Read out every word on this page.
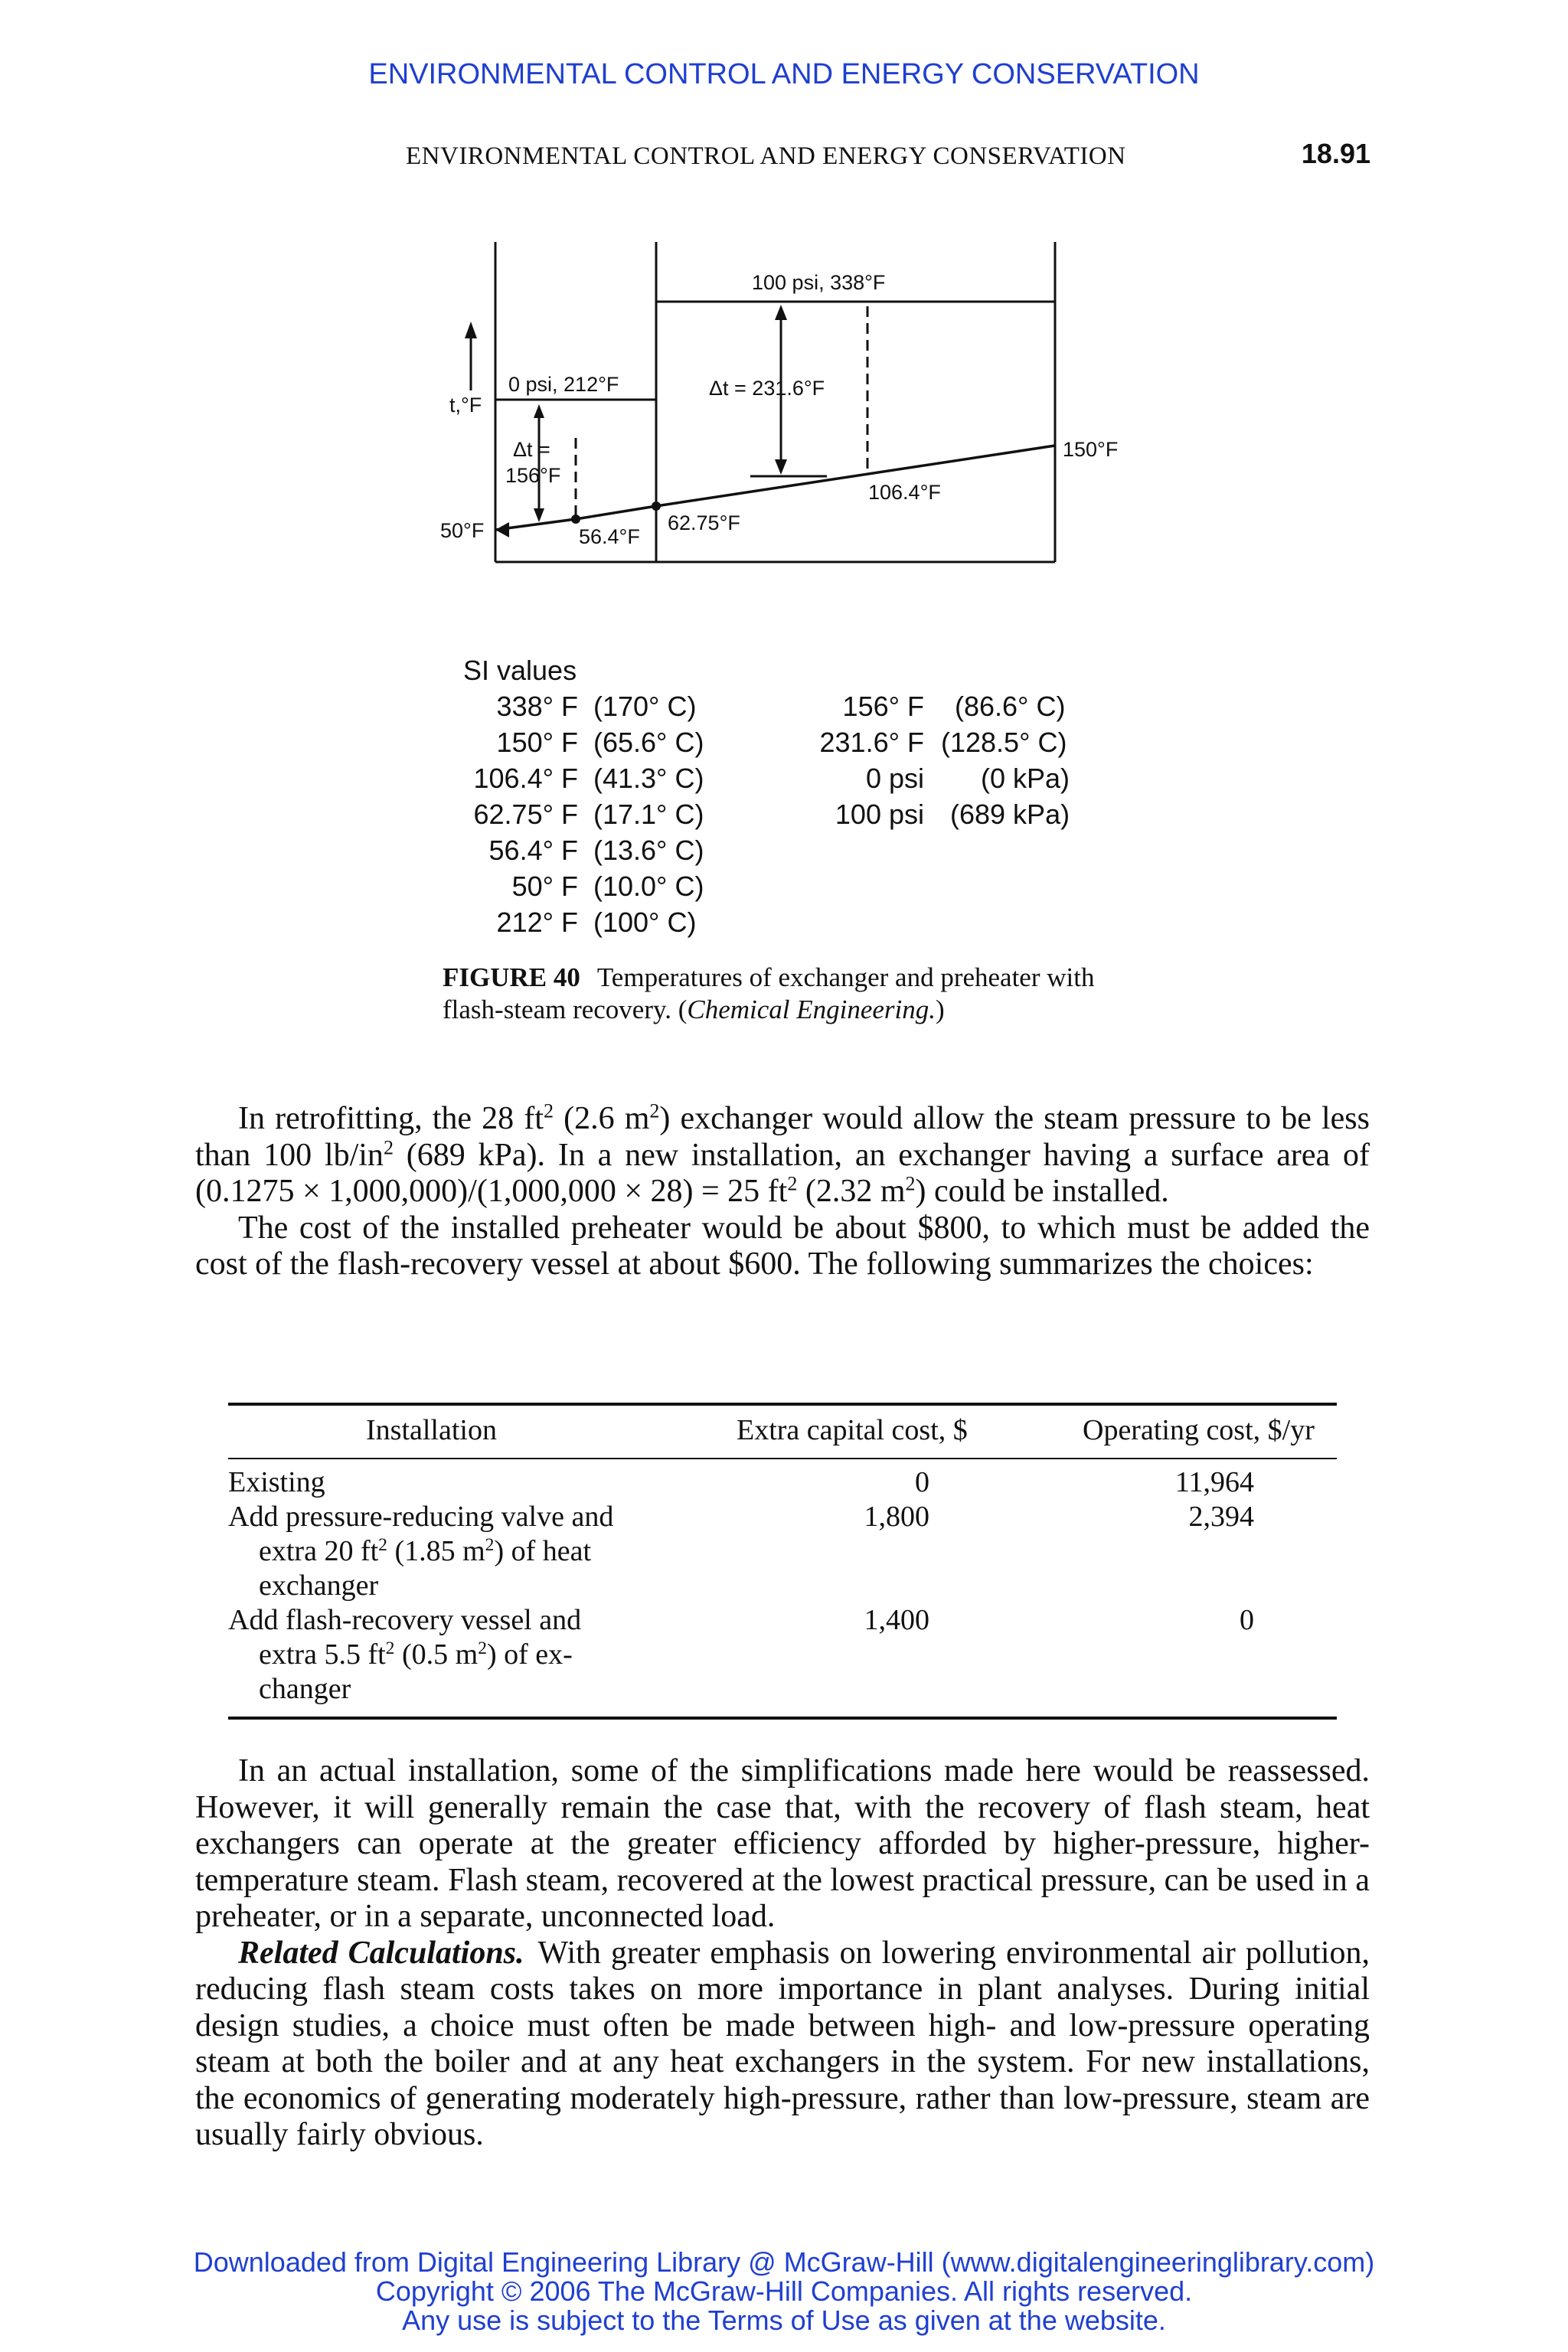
ENVIRONMENTAL CONTROL AND ENERGY CONSERVATION
ENVIRONMENTAL CONTROL AND ENERGY CONSERVATION	18.91
t,°F
0 psi, 212°F
100 psi, 338°F
Δt =
156°F
Δt = 231.6°F
150°F
106.4°F
50°F	56.4°F
62.75°F
SI values
338° F (170° C)
150° F (65.6° C)
106.4° F (41.3° C)
62.75° F (17.1° C)
56.4° F (13.6° C)
50° F (10.0° C)
212° F (100° C)
156° F (86.6° C)
231.6° F (128.5° C)
0 psi (0 kPa)
100 psi (689 kPa)
FIGURE 40 Temperatures of exchanger and preheater with flash-steam recovery. (Chemical Engineering.)

In retrofitting, the 28 $ft^2$ (2.6 $m^2$) exchanger would allow the steam pressure to be less than 100 $lb/in^2$ (689 kPa). In a new installation, an exchanger having a surface area of (0.1275 × 1,000,000)/(1,000,000 × 28) = 25 $ft^2$ (2.32 $m^2$) could be installed.

The cost of the installed preheater would be about $800, to which must be added the cost of the flash-recovery vessel at about $600. The following summarizes the choices:

Installation	Extra capital cost, $	Operating cost, $/yr
Existing	0	11,964
Add pressure-reducing valve and
extra 20 $ft^2$ (1.85 $m^2$) of heat
exchanger
1,800	2,394
Add flash-recovery vessel and
extra 5.5 $ft^2$ (0.5 $m^2$) of ex-
changer
1,400	0

In an actual installation, some of the simplifications made here would be reassessed. However, it will generally remain the case that, with the recovery of flash steam, heat exchangers can operate at the greater efficiency afforded by higher-pressure, higher-temperature steam. Flash steam, recovered at the lowest practical pressure, can be used in a preheater, or in a separate, unconnected load.

Related Calculations. With greater emphasis on lowering environmental air pollution, reducing flash steam costs takes on more importance in plant analyses. During initial design studies, a choice must often be made between high- and low-pressure operating steam at both the boiler and at any heat exchangers in the system. For new installations, the economics of generating moderately high-pressure, rather than low-pressure, steam are usually fairly obvious.

Downloaded from Digital Engineering Library @ McGraw-Hill (www.digitalengineeringlibrary.com)
Copyright © 2006 The McGraw-Hill Companies. All rights reserved.
Any use is subject to the Terms of Use as given at the website.
